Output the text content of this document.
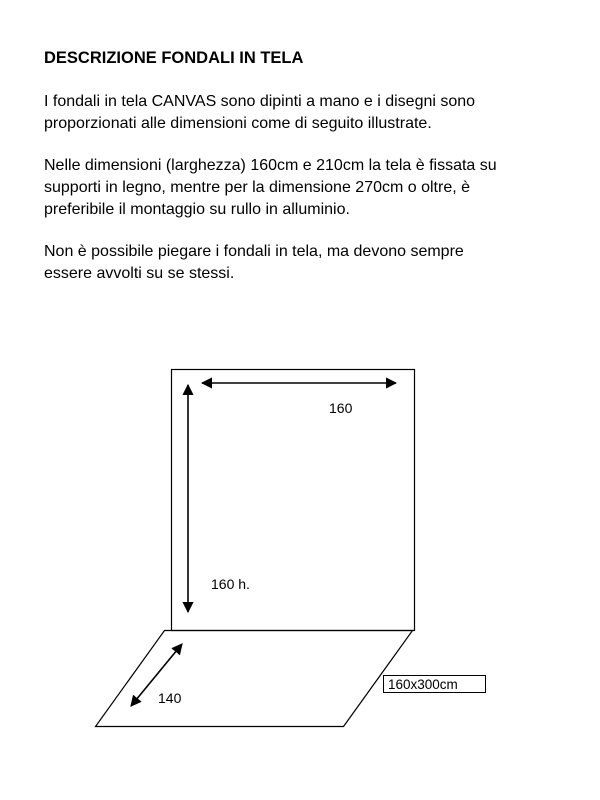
DESCRIZIONE FONDALI IN TELA

I fondali in tela CANVAS sono dipinti a mano e i disegni sono
proporzionati alle dimensioni come di seguito illustrate.

Nelle dimensioni (larghezza) 160cm e 210cm la tela è fissata su
supporti in legno, mentre per la dimensione 270cm o oltre, è
preferibile il montaggio su rullo in alluminio.

Non è possibile piegare i fondali in tela, ma devono sempre
essere avvolti su se stessi.

160
160 h.
140
160x300cm
